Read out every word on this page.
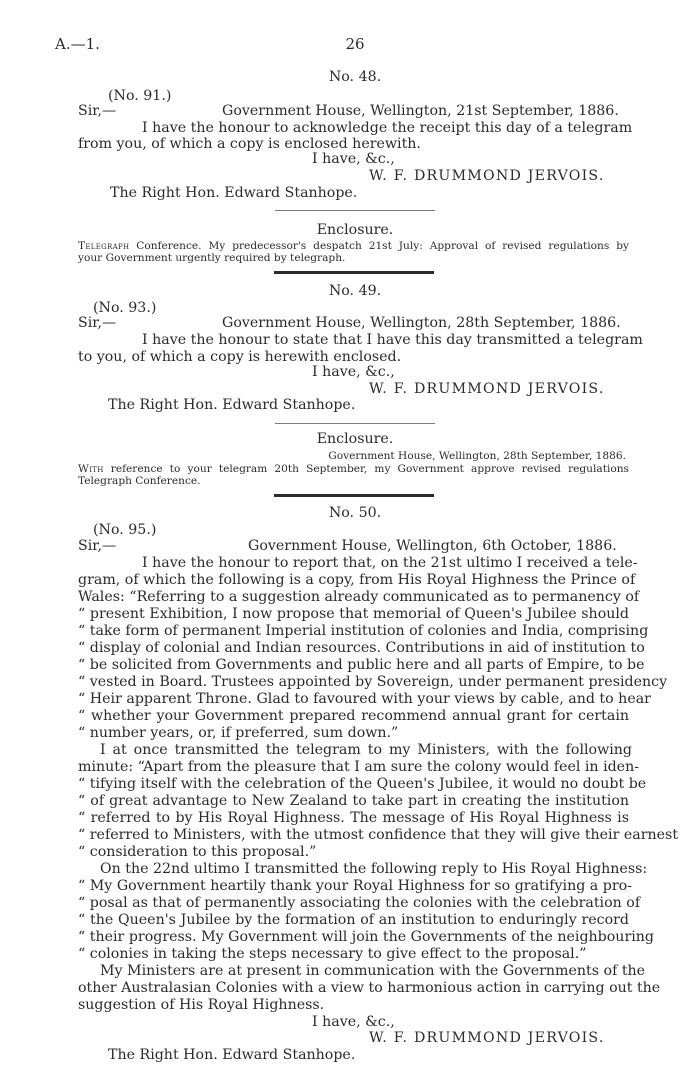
A.—1.	26
No. 48.
(No. 91.)
Sir,—	Government House, Wellington, 21st September, 1886.
I have the honour to acknowledge the receipt this day of a telegram
from you, of which a copy is enclosed herewith.
I have, &c.,
W. F. DRUMMOND JERVOIS.
The Right Hon. Edward Stanhope.
Enclosure.
Telegraph Conference. My predecessor's despatch 21st July: Approval of revised regulations by
your Government urgently required by telegraph.
No. 49.
(No. 93.)
Sir,—	Government House, Wellington, 28th September, 1886.
I have the honour to state that I have this day transmitted a telegram
to you, of which a copy is herewith enclosed.
I have, &c.,
W. F. DRUMMOND JERVOIS.
The Right Hon. Edward Stanhope.
Enclosure.
Government House, Wellington, 28th September, 1886.
With reference to your telegram 20th September, my Government approve revised regulations
Telegraph Conference.
No. 50.
(No. 95.)
Sir,—	Government House, Wellington, 6th October, 1886.
I have the honour to report that, on the 21st ultimo I received a tele-
gram, of which the following is a copy, from His Royal Highness the Prince of
Wales: “Referring to a suggestion already communicated as to permanency of
“ present Exhibition, I now propose that memorial of Queen's Jubilee should
“ take form of permanent Imperial institution of colonies and India, comprising
“ display of colonial and Indian resources. Contributions in aid of institution to
“ be solicited from Governments and public here and all parts of Empire, to be
“ vested in Board. Trustees appointed by Sovereign, under permanent presidency
“ Heir apparent Throne. Glad to favoured with your views by cable, and to hear
“ whether your Government prepared recommend annual grant for certain
“ number years, or, if preferred, sum down.”
I at once transmitted the telegram to my Ministers, with the following
minute: “Apart from the pleasure that I am sure the colony would feel in iden-
“ tifying itself with the celebration of the Queen's Jubilee, it would no doubt be
“ of great advantage to New Zealand to take part in creating the institution
“ referred to by His Royal Highness. The message of His Royal Highness is
“ referred to Ministers, with the utmost confidence that they will give their earnest
“ consideration to this proposal.”
On the 22nd ultimo I transmitted the following reply to His Royal Highness:
“ My Government heartily thank your Royal Highness for so gratifying a pro-
“ posal as that of permanently associating the colonies with the celebration of
“ the Queen's Jubilee by the formation of an institution to enduringly record
“ their progress. My Government will join the Governments of the neighbouring
“ colonies in taking the steps necessary to give effect to the proposal.”
My Ministers are at present in communication with the Governments of the
other Australasian Colonies with a view to harmonious action in carrying out the
suggestion of His Royal Highness.
I have, &c.,
W. F. DRUMMOND JERVOIS.
The Right Hon. Edward Stanhope.
